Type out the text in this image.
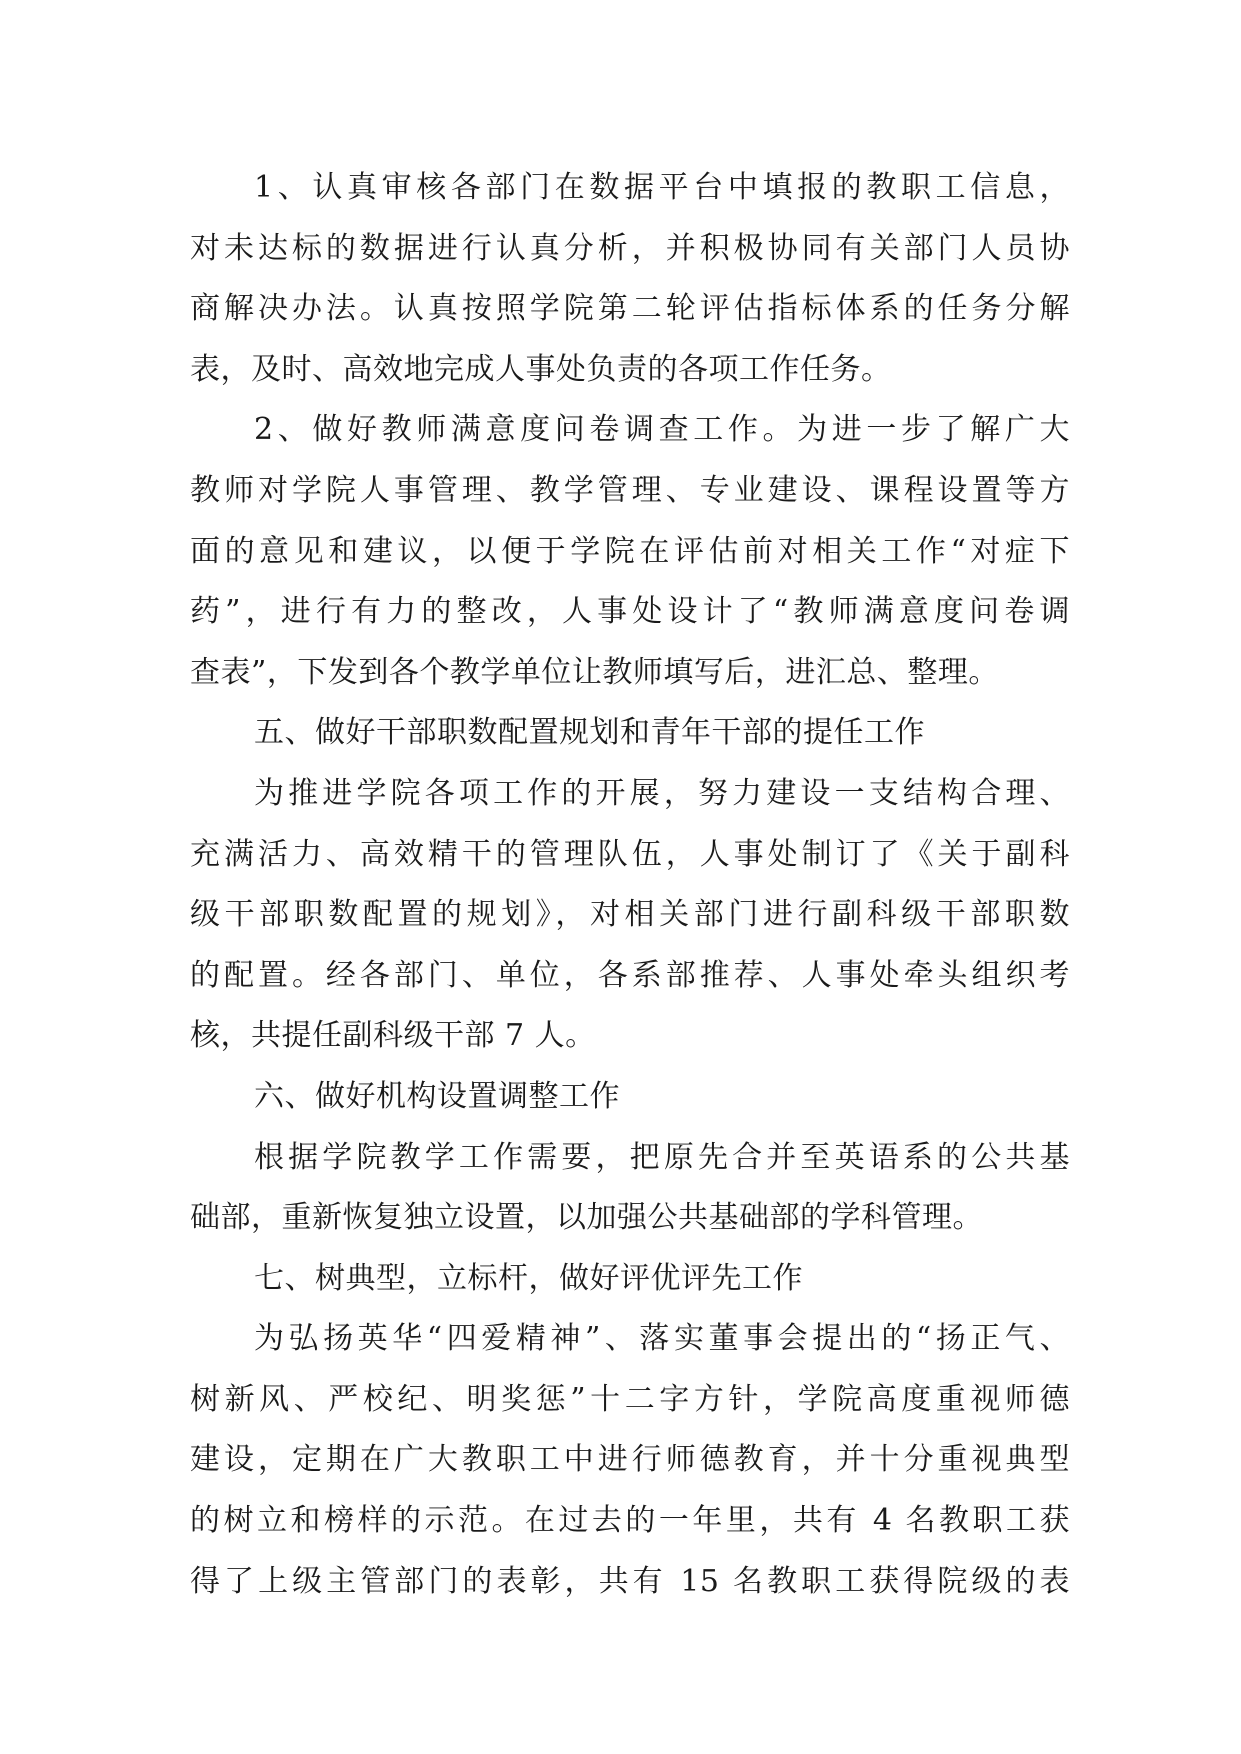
1、认真审核各部门在数据平台中填报的教职工信息，
对未达标的数据进行认真分析，并积极协同有关部门人员协
商解决办法。认真按照学院第二轮评估指标体系的任务分解
表，及时、高效地完成人事处负责的各项工作任务。
2、做好教师满意度问卷调查工作。为进一步了解广大
教师对学院人事管理、教学管理、专业建设、课程设置等方
面的意见和建议，以便于学院在评估前对相关工作“对症下
药”，进行有力的整改，人事处设计了“教师满意度问卷调
查表”，下发到各个教学单位让教师填写后，进汇总、整理。
五、做好干部职数配置规划和青年干部的提任工作
为推进学院各项工作的开展，努力建设一支结构合理、
充满活力、高效精干的管理队伍，人事处制订了《关于副科
级干部职数配置的规划》，对相关部门进行副科级干部职数
的配置。经各部门、单位，各系部推荐、人事处牵头组织考
核，共提任副科级干部 7 人。
六、做好机构设置调整工作
根据学院教学工作需要，把原先合并至英语系的公共基
础部，重新恢复独立设置，以加强公共基础部的学科管理。
七、树典型，立标杆，做好评优评先工作
为弘扬英华“四爱精神”、落实董事会提出的“扬正气、
树新风、严校纪、明奖惩”十二字方针，学院高度重视师德
建设，定期在广大教职工中进行师德教育，并十分重视典型
的树立和榜样的示范。在过去的一年里，共有 4 名教职工获
得了上级主管部门的表彰，共有 15 名教职工获得院级的表
